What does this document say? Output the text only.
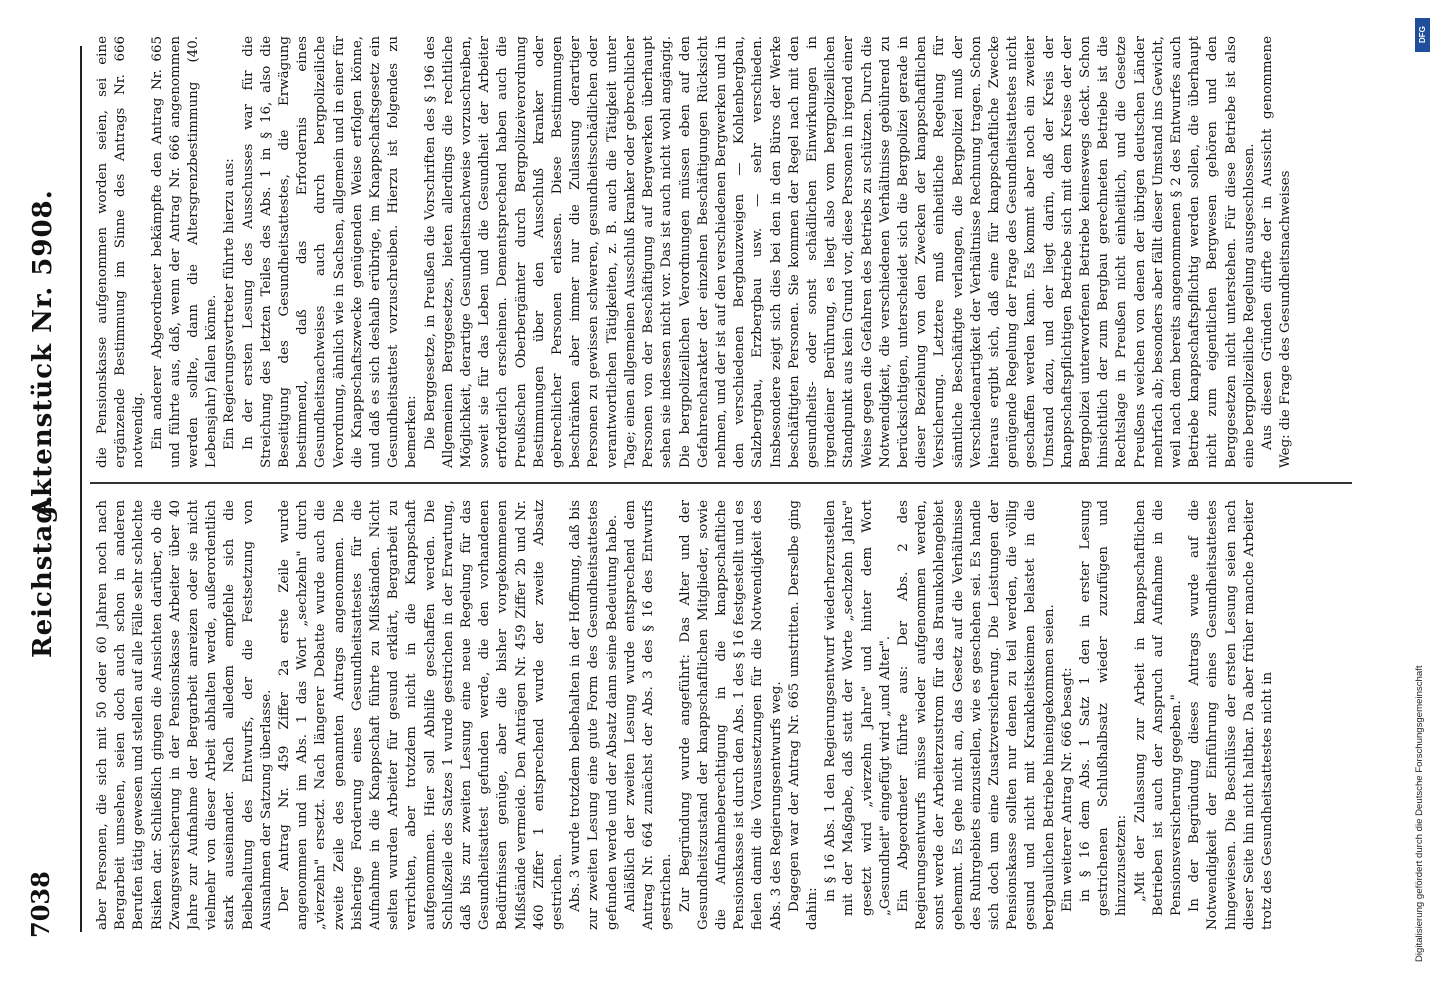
7038
Reichstag.
Aktenstück Nr. 5908.

aber Personen, die sich mit 50 oder 60 Jahren noch nach Bergarbeit umsehen, seien doch auch schon in anderen Berufen tätig gewesen und stellen auf alle Fälle sehr schlechte Risiken dar. Schließlich gingen die Ansichten darüber, ob die Zwangsversicherung in der Pensionskasse Arbeiter über 40 Jahre zur Aufnahme der Bergarbeit anreizen oder sie nicht vielmehr von dieser Arbeit abhalten werde, außerordentlich stark auseinander. Nach alledem empfehle sich die Beibehaltung des Entwurfs, der die Festsetzung von Ausnahmen der Satzung überlasse. Der Antrag Nr. 459 Ziffer 2a erste Zeile wurde angenommen und im Abs. 1 das Wort „sechzehn" durch „vierzehn" ersetzt. Nach längerer Debatte wurde auch die zweite Zeile des genannten Antrags angenommen. Die bisherige Forderung eines Gesundheitsattestes für die Aufnahme in die Knappschaft führte zu Mißständen. Nicht selten wurden Arbeiter für gesund erklärt, Bergarbeit zu verrichten, aber trotzdem nicht in die Knappschaft aufgenommen. Hier soll Abhilfe geschaffen werden. Die Schlußzeile des Satzes 1 wurde gestrichen in der Erwartung, daß bis zur zweiten Lesung eine neue Regelung für das Gesundheitsattest gefunden werde, die den vorhandenen Bedürfnissen genüge, aber die bisher vorgekommenen Mißstände vermeide. Den Anträgen Nr. 459 Ziffer 2b und Nr. 460 Ziffer 1 entsprechend wurde der zweite Absatz gestrichen. Abs. 3 wurde trotzdem beibehalten in der Hoffnung, daß bis zur zweiten Lesung eine gute Form des Gesundheitsattestes gefunden werde und der Absatz dann seine Bedeutung habe. Anläßlich der zweiten Lesung wurde entsprechend dem Antrag Nr. 664 zunächst der Abs. 3 des § 16 des Entwurfs gestrichen. Zur Begründung wurde angeführt: Das Alter und der Gesundheitszustand der knappschaftlichen Mitglieder, sowie die Aufnahmeberechtigung in die knappschaftliche Pensionskasse ist durch den Abs. 1 des § 16 festgestellt und es fielen damit die Voraussetzungen für die Notwendigkeit des Abs. 3 des Regierungsentwurfs weg. Dagegen war der Antrag Nr. 665 umstritten. Derselbe ging dahin:

in § 16 Abs. 1 den Regierungsentwurf wiederherzustellen mit der Maßgabe, daß statt der Worte „sechzehn Jahre" gesetzt wird „vierzehn Jahre" und hinter dem Wort „Gesundheit" eingefügt wird „und Alter". Ein Abgeordneter führte aus: Der Abs. 2 des Regierungsentwurfs müsse wieder aufgenommen werden, sonst werde der Arbeiterzustrom für das Braunkohlengebiet gehemmt. Es gehe nicht an, das Gesetz auf die Verhältnisse des Ruhrgebiets einzustellen, wie es geschehen sei. Es handle sich doch um eine Zusatzversicherung. Die Leistungen der Pensionskasse sollten nur denen zu teil werden, die völlig gesund und nicht mit Krankheitskeimen belastet in die bergbaulichen Betriebe hineingekommen seien. Ein weiterer Antrag Nr. 666 besagt: in § 16 dem Abs. 1 Satz 1 den in erster Lesung gestrichenen Schlußhalbsatz wieder zuzufügen und hinzuzusetzen: „Mit der Zulassung zur Arbeit in knappschaftlichen Betrieben ist auch der Anspruch auf Aufnahme in die Pensionsversicherung gegeben." In der Begründung dieses Antrags wurde auf die Notwendigkeit der Einführung eines Gesundheitsattestes hingewiesen. Die Beschlüsse der ersten Lesung seien nach dieser Seite hin nicht haltbar. Da aber früher manche Arbeiter trotz des Gesundheitsattestes nicht in

die Pensionskasse aufgenommen worden seien, sei eine ergänzende Bestimmung im Sinne des Antrags Nr. 666 notwendig. Ein anderer Abgeordneter bekämpfte den Antrag Nr. 665 und führte aus, daß, wenn der Antrag Nr. 666 angenommen werden sollte, dann die Altersgrenzbestimmung (40. Lebensjahr) fallen könne. Ein Regierungsvertreter führte hierzu aus: In der ersten Lesung des Ausschusses war für die Streichung des letzten Teiles des Abs. 1 in § 16, also die Beseitigung des Gesundheitsattestes, die Erwägung bestimmend, daß das Erfordernis eines Gesundheitsnachweises auch durch bergpolizeiliche Verordnung, ähnlich wie in Sachsen, allgemein und in einer für die Knappschaftszwecke genügenden Weise erfolgen könne, und daß es sich deshalb erübrige, im Knappschaftsgesetz ein Gesundheitsattest vorzuschreiben. Hierzu ist folgendes zu bemerken: Die Berggesetze, in Preußen die Vorschriften des § 196 des Allgemeinen Berggesetzes, bieten allerdings die rechtliche Möglichkeit, derartige Gesundheitsnachweise vorzuschreiben, soweit sie für das Leben und die Gesundheit der Arbeiter erforderlich erscheinen. Dementsprechend haben auch die Preußischen Oberbergämter durch Bergpolizeiverordnung Bestimmungen über den Ausschluß kranker oder gebrechlicher Personen erlassen. Diese Bestimmungen beschränken aber immer nur die Zulassung derartiger Personen zu gewissen schweren, gesundheitsschädlichen oder verantwortlichen Tätigkeiten, z. B. auch die Tätigkeit unter Tage; einen allgemeinen Ausschluß kranker oder gebrechlicher Personen von der Beschäftigung auf Bergwerken überhaupt sehen sie indessen nicht vor. Das ist auch nicht wohl angängig. Die bergpolizeilichen Verordnungen müssen eben auf den Gefahrencharakter der einzelnen Beschäftigungen Rücksicht nehmen, und der ist auf den verschiedenen Bergwerken und in den verschiedenen Bergbauzweigen — Kohlenbergbau, Salzbergbau, Erzbergbau usw. — sehr verschieden. Insbesondere zeigt sich dies bei den in den Büros der Werke beschäftigten Personen. Sie kommen der Regel nach mit den gesundheits- oder sonst schädlichen Einwirkungen in irgendeiner Berührung, es liegt also vom bergpolizeilichen Standpunkt aus kein Grund vor, diese Personen in irgend einer Weise gegen die Gefahren des Betriebs zu schützen. Durch die Notwendigkeit, die verschiedenen Verhältnisse gebührend zu berücksichtigen, unterscheidet sich die Bergpolizei gerade in dieser Beziehung von den Zwecken der knappschaftlichen Versicherung. Letztere muß einheitliche Regelung für sämtliche Beschäftigte verlangen, die Bergpolizei muß der Verschiedenartigkeit der Verhältnisse Rechnung tragen. Schon hieraus ergibt sich, daß eine für knappschaftliche Zwecke genügende Regelung der Frage des Gesundheitsattestes nicht geschaffen werden kann. Es kommt aber noch ein zweiter Umstand dazu, und der liegt darin, daß der Kreis der knappschaftspflichtigen Betriebe sich mit dem Kreise der der Bergpolizei unterworfenen Betriebe keineswegs deckt. Schon hinsichtlich der zum Bergbau gerechneten Betriebe ist die Rechtslage in Preußen nicht einheitlich, und die Gesetze Preußens weichen von denen der übrigen deutschen Länder mehrfach ab; besonders aber fällt dieser Umstand ins Gewicht, weil nach dem bereits angenommenen § 2 des Entwurfes auch Betriebe knappschaftspflichtig werden sollen, die überhaupt nicht zum eigentlichen Bergwesen gehören und den Berggesetzen nicht unterstehen. Für diese Betriebe ist also eine bergpolizeiliche Regelung ausgeschlossen. Aus diesen Gründen dürfte der in Aussicht genommene Weg: die Frage des Gesundheitsnachweises

DFG
Digitalisierung gefördert durch die Deutsche Forschungsgemeinschaft
